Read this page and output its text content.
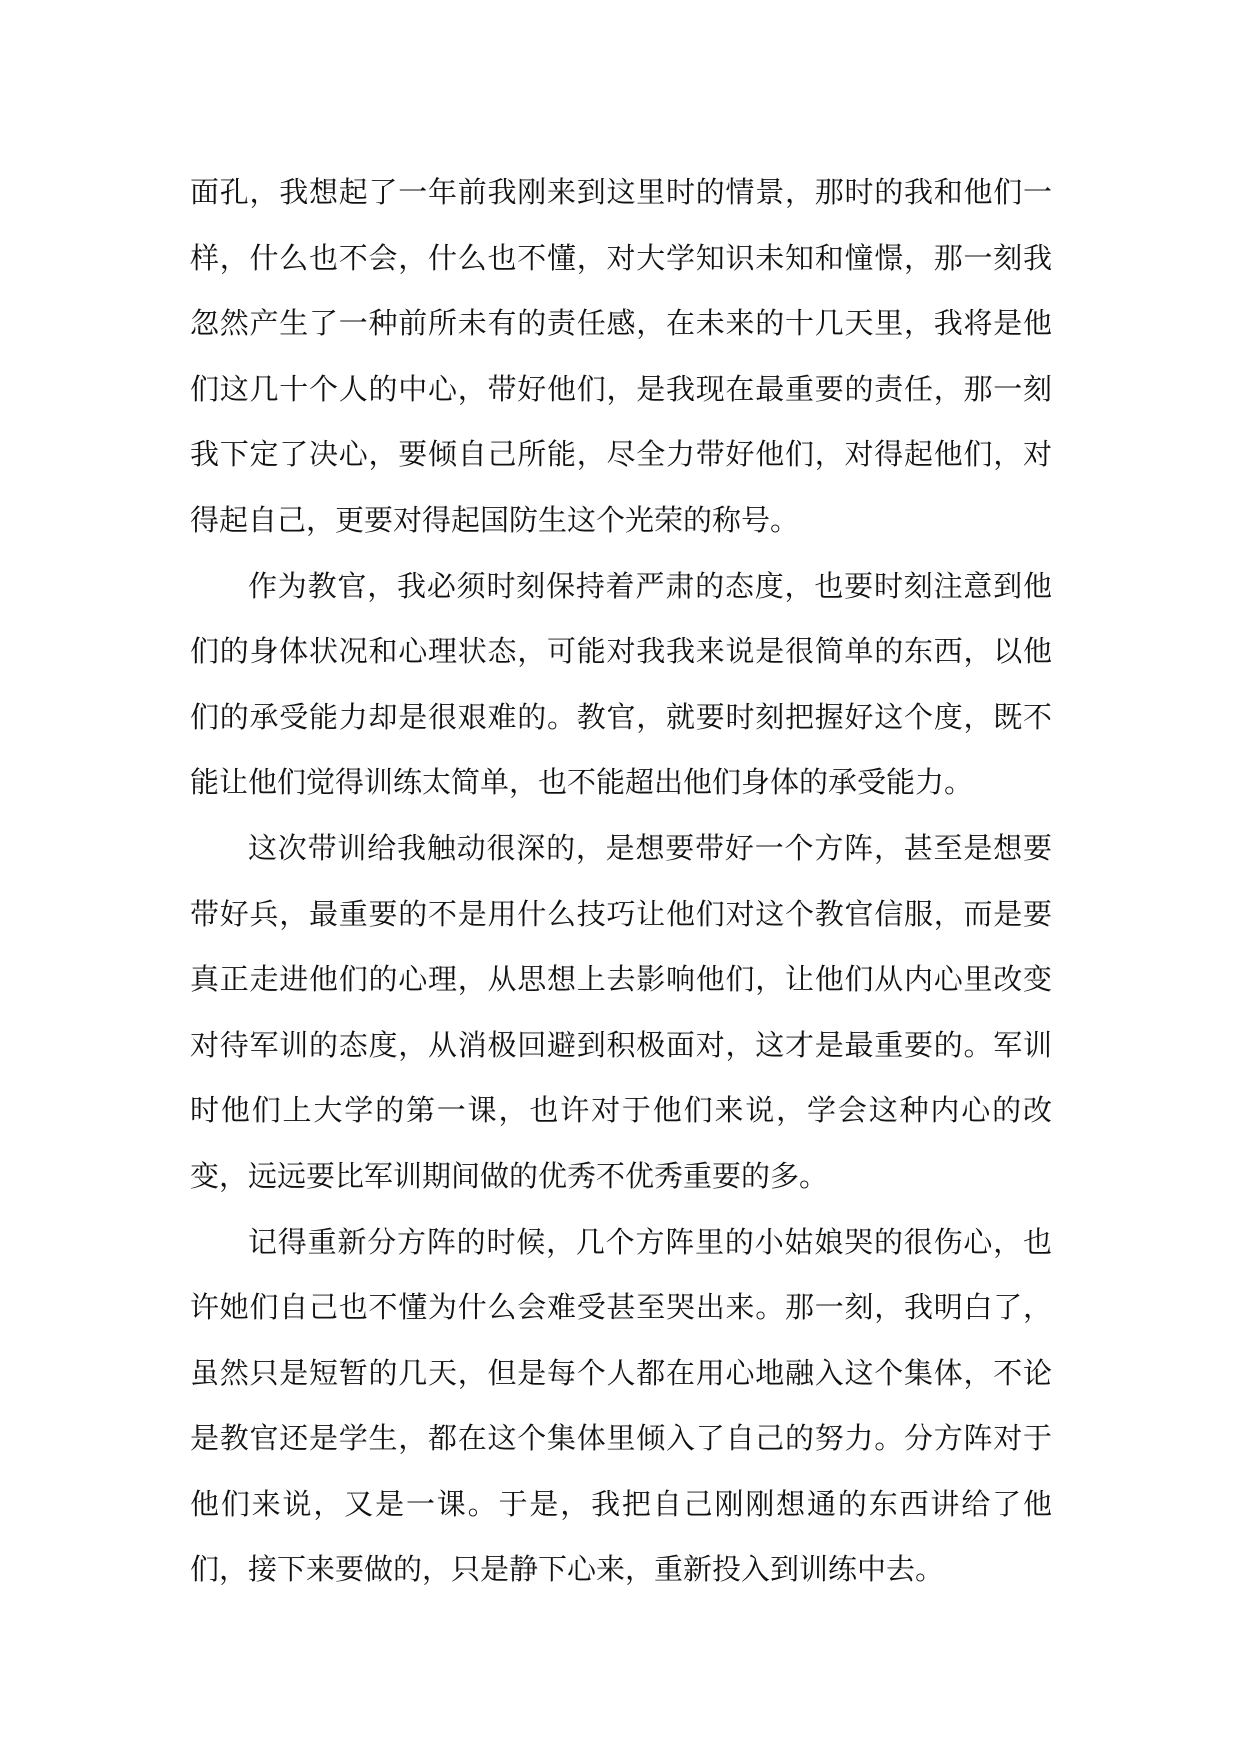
面孔，我想起了一年前我刚来到这里时的情景，那时的我和他们一样，什么也不会，什么也不懂，对大学知识未知和憧憬，那一刻我忽然产生了一种前所未有的责任感，在未来的十几天里，我将是他们这几十个人的中心，带好他们，是我现在最重要的责任，那一刻我下定了决心，要倾自己所能，尽全力带好他们，对得起他们，对得起自己，更要对得起国防生这个光荣的称号。

作为教官，我必须时刻保持着严肃的态度，也要时刻注意到他们的身体状况和心理状态，可能对我我来说是很简单的东西，以他们的承受能力却是很艰难的。教官，就要时刻把握好这个度，既不能让他们觉得训练太简单，也不能超出他们身体的承受能力。

这次带训给我触动很深的，是想要带好一个方阵，甚至是想要带好兵，最重要的不是用什么技巧让他们对这个教官信服，而是要真正走进他们的心理，从思想上去影响他们，让他们从内心里改变对待军训的态度，从消极回避到积极面对，这才是最重要的。军训时他们上大学的第一课，也许对于他们来说，学会这种内心的改变，远远要比军训期间做的优秀不优秀重要的多。

记得重新分方阵的时候，几个方阵里的小姑娘哭的很伤心，也许她们自己也不懂为什么会难受甚至哭出来。那一刻，我明白了，虽然只是短暂的几天，但是每个人都在用心地融入这个集体，不论是教官还是学生，都在这个集体里倾入了自己的努力。分方阵对于他们来说，又是一课。于是，我把自己刚刚想通的东西讲给了他们，接下来要做的，只是静下心来，重新投入到训练中去。
